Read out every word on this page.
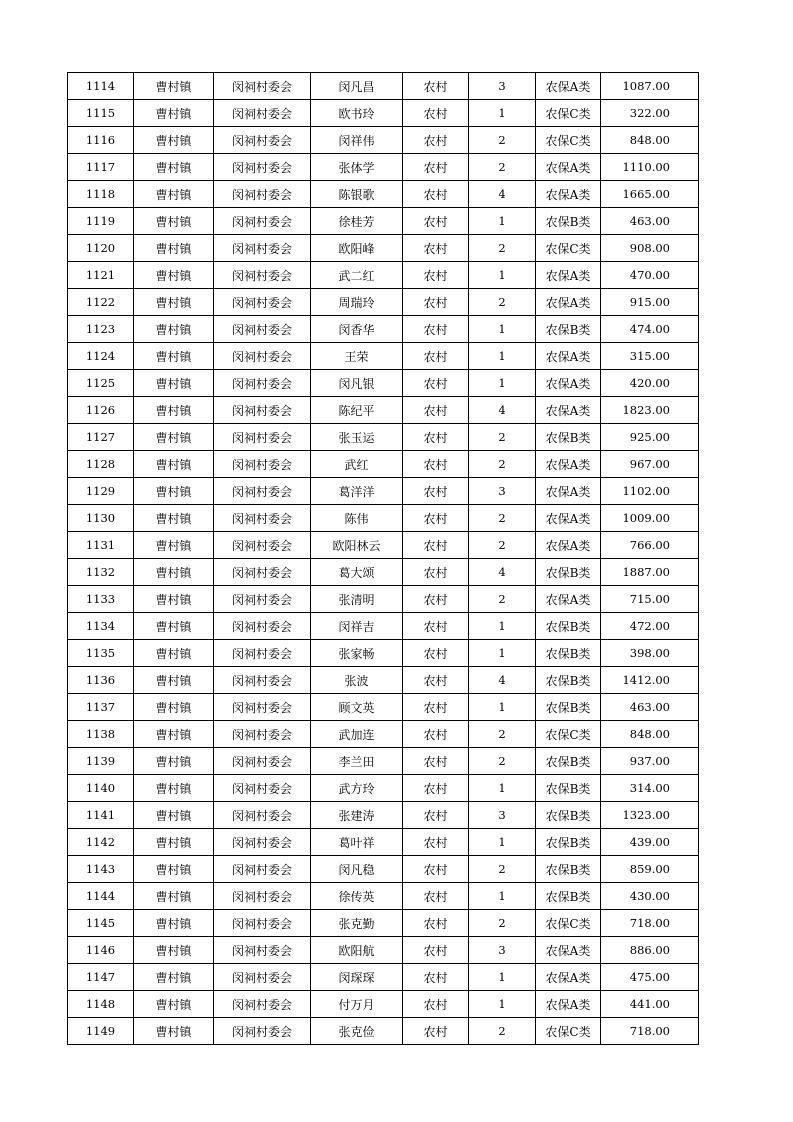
1114	曹村镇	闵祠村委会	闵凡昌	农村	3	农保A类	1087.00
1115	曹村镇	闵祠村委会	欧书玲	农村	1	农保C类	322.00
1116	曹村镇	闵祠村委会	闵祥伟	农村	2	农保C类	848.00
1117	曹村镇	闵祠村委会	张体学	农村	2	农保A类	1110.00
1118	曹村镇	闵祠村委会	陈银歌	农村	4	农保A类	1665.00
1119	曹村镇	闵祠村委会	徐桂芳	农村	1	农保B类	463.00
1120	曹村镇	闵祠村委会	欧阳峰	农村	2	农保C类	908.00
1121	曹村镇	闵祠村委会	武二红	农村	1	农保A类	470.00
1122	曹村镇	闵祠村委会	周瑞玲	农村	2	农保A类	915.00
1123	曹村镇	闵祠村委会	闵香华	农村	1	农保B类	474.00
1124	曹村镇	闵祠村委会	王荣	农村	1	农保A类	315.00
1125	曹村镇	闵祠村委会	闵凡银	农村	1	农保A类	420.00
1126	曹村镇	闵祠村委会	陈纪平	农村	4	农保A类	1823.00
1127	曹村镇	闵祠村委会	张玉运	农村	2	农保B类	925.00
1128	曹村镇	闵祠村委会	武红	农村	2	农保A类	967.00
1129	曹村镇	闵祠村委会	葛洋洋	农村	3	农保A类	1102.00
1130	曹村镇	闵祠村委会	陈伟	农村	2	农保A类	1009.00
1131	曹村镇	闵祠村委会	欧阳林云	农村	2	农保A类	766.00
1132	曹村镇	闵祠村委会	葛大颂	农村	4	农保B类	1887.00
1133	曹村镇	闵祠村委会	张清明	农村	2	农保A类	715.00
1134	曹村镇	闵祠村委会	闵祥吉	农村	1	农保B类	472.00
1135	曹村镇	闵祠村委会	张家畅	农村	1	农保B类	398.00
1136	曹村镇	闵祠村委会	张波	农村	4	农保B类	1412.00
1137	曹村镇	闵祠村委会	顾文英	农村	1	农保B类	463.00
1138	曹村镇	闵祠村委会	武加连	农村	2	农保C类	848.00
1139	曹村镇	闵祠村委会	李兰田	农村	2	农保B类	937.00
1140	曹村镇	闵祠村委会	武方玲	农村	1	农保B类	314.00
1141	曹村镇	闵祠村委会	张建涛	农村	3	农保B类	1323.00
1142	曹村镇	闵祠村委会	葛叶祥	农村	1	农保B类	439.00
1143	曹村镇	闵祠村委会	闵凡稳	农村	2	农保B类	859.00
1144	曹村镇	闵祠村委会	徐传英	农村	1	农保B类	430.00
1145	曹村镇	闵祠村委会	张克勤	农村	2	农保C类	718.00
1146	曹村镇	闵祠村委会	欧阳航	农村	3	农保A类	886.00
1147	曹村镇	闵祠村委会	闵琛琛	农村	1	农保A类	475.00
1148	曹村镇	闵祠村委会	付万月	农村	1	农保A类	441.00
1149	曹村镇	闵祠村委会	张克俭	农村	2	农保C类	718.00
